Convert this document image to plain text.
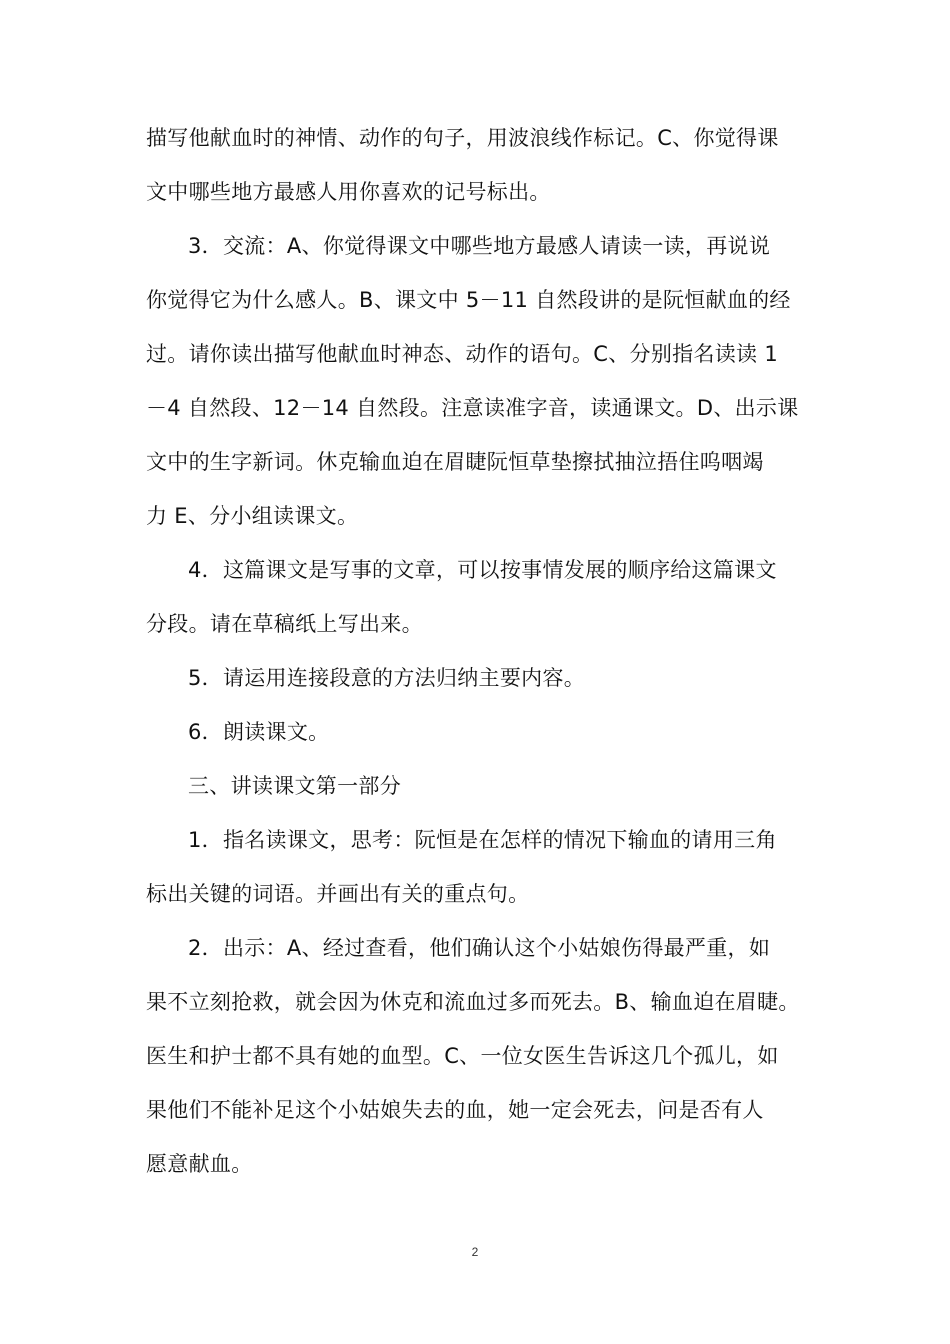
描写他献血时的神情、动作的句子，用波浪线作标记。C、你觉得课
文中哪些地方最感人用你喜欢的记号标出。
3．交流：A、你觉得课文中哪些地方最感人请读一读，再说说
你觉得它为什么感人。B、课文中 5－11 自然段讲的是阮恒献血的经
过。请你读出描写他献血时神态、动作的语句。C、分别指名读读 1
－4 自然段、12－14 自然段。注意读准字音，读通课文。D、出示课
文中的生字新词。休克输血迫在眉睫阮恒草垫擦拭抽泣捂住呜咽竭
力 E、分小组读课文。
4．这篇课文是写事的文章，可以按事情发展的顺序给这篇课文
分段。请在草稿纸上写出来。
5．请运用连接段意的方法归纳主要内容。
6．朗读课文。
三、讲读课文第一部分
1．指名读课文，思考：阮恒是在怎样的情况下输血的请用三角
标出关键的词语。并画出有关的重点句。
2．出示：A、经过查看，他们确认这个小姑娘伤得最严重，如
果不立刻抢救，就会因为休克和流血过多而死去。B、输血迫在眉睫。
医生和护士都不具有她的血型。C、一位女医生告诉这几个孤儿，如
果他们不能补足这个小姑娘失去的血，她一定会死去，问是否有人
愿意献血。
2
